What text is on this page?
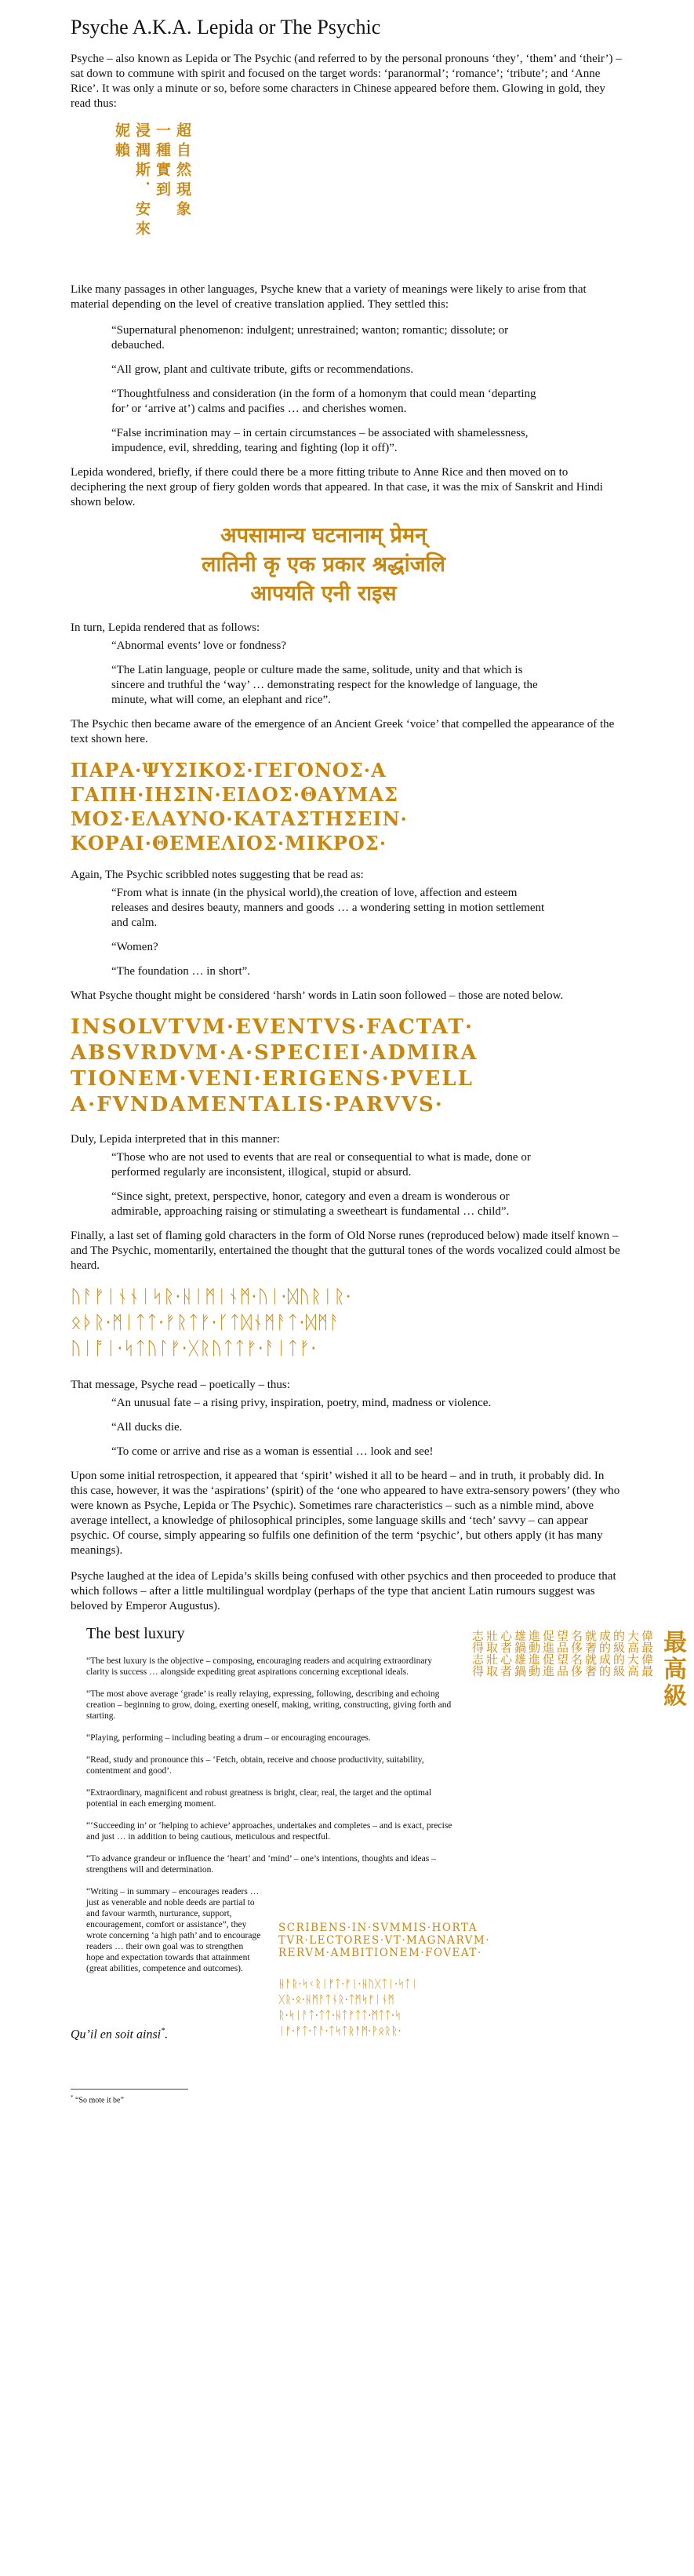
Psyche A.K.A. Lepida or The Psychic

Psyche – also known as Lepida or The Psychic (and referred to by the personal pronouns ‘they’, ‘them’ and ‘their’) – sat down to commune with spirit and focused on the target words: ‘paranormal’; ‘romance’; ‘tribute’; and ‘Anne Rice’. It was only a minute or so, before some characters in Chinese appeared before them. Glowing in gold, they read thus:

超自然現象
一種實到
浸潤斯．安來
妮賴

Like many passages in other languages, Psyche knew that a variety of meanings were likely to arise from that material depending on the level of creative translation applied. They settled this:

“Supernatural phenomenon: indulgent; unrestrained; wanton; romantic; dissolute; or debauched.

“All grow, plant and cultivate tribute, gifts or recommendations.

“Thoughtfulness and consideration (in the form of a homonym that could mean ‘departing for’ or ‘arrive at’) calms and pacifies … and cherishes women.

“False incrimination may – in certain circumstances – be associated with shamelessness, impudence, evil, shredding, tearing and fighting (lop it off)”.

Lepida wondered, briefly, if there could there be a more fitting tribute to Anne Rice and then moved on to deciphering the next group of fiery golden words that appeared. In that case, it was the mix of Sanskrit and Hindi shown below.

अपसामान्य घटनानाम् प्रेमन्
लातिनी कृ एक प्रकार श्रद्धांजलि
आपयति एनी राइस

In turn, Lepida rendered that as follows:

“Abnormal events’ love or fondness?

“The Latin language, people or culture made the same, solitude, unity and that which is sincere and truthful the ‘way’ … demonstrating respect for the knowledge of language, the minute, what will come, an elephant and rice”.

The Psychic then became aware of the emergence of an Ancient Greek ‘voice’ that compelled the appearance of the text shown here.

ΠΑΡΑ·ΨΥΣΙΚΟΣ·ΓΕΓΟΝΟΣ·Α
ΓΑΠΗ·ΙΗΣΙΝ·ΕΙΔΟΣ·ΘΑΥΜΑΣ
ΜΟΣ·ΕΛΑΥΝΟ·ΚΑΤΑΣΤΗΣΕΙΝ·
ΚΟΡΑΙ·ΘΕΜΕΛΙΟΣ·ΜΙΚΡΟΣ·

Again, The Psychic scribbled notes suggesting that be read as:

“From what is innate (in the physical world),the creation of love, affection and esteem releases and desires beauty, manners and goods … a wondering setting in motion settlement and calm.

“Women?

“The foundation … in short”.

What Psyche thought might be considered ‘harsh’ words in Latin soon followed – those are noted below.

INSOLVTVM·EVENTVS·FACTAT·
ABSVRDVM·A·SPECIEI·ADMIRA
TIONEM·VENI·ERIGENS·PVELL
A·FVNDAMENTALIS·PARVVS·

Duly, Lepida interpreted that in this manner:

“Those who are not used to events that are real or consequential to what is made, done or performed regularly are inconsistent, illogical, stupid or absurd.

“Since sight, pretext, perspective, honor, category and even a dream is wonderous or admirable, approaching raising or stimulating a sweetheart is fundamental … child”.

Finally, a last set of flaming gold characters in the form of Old Norse runes (reproduced below) made itself known – and The Psychic, momentarily, entertained the thought that the guttural tones of the words vocalized could almost be heard.

ᚢᚨᚠᛁᚾᚾᛁᛋᚱ·ᚺᛁᛗᛁᚾᛗ·ᚢᛁ·ᛞᚢᚱᛁᚱ·
ᛟᚦᚱ·ᛗᛁᛏᛏ·ᚠᚱᛏᚠ·ᚴᛏᛞᚾᛗᚨᛏ·ᛞᛗᚨ
ᚢᛁᚩᛁ·ᛋᛏᚢᛚᚠ·ᚷᚱᚢᛏᛏᚠ·ᚨᛁᛏᚠ·

That message, Psyche read – poetically – thus:

“An unusual fate – a rising privy, inspiration, poetry, mind, madness or violence.

“All ducks die.

“To come or arrive and rise as a woman is essential … look and see!

Upon some initial retrospection, it appeared that ‘spirit’ wished it all to be heard – and in truth, it probably did. In this case, however, it was the ‘aspirations’ (spirit) of the ‘one who appeared to have extra-sensory powers’ (they who were known as Psyche, Lepida or The Psychic). Sometimes rare characteristics – such as a nimble mind, above average intellect, a knowledge of philosophical principles, some language skills and ‘tech’ savvy – can appear psychic. Of course, simply appearing so fulfils one definition of the term ‘psychic’, but others apply (it has many meanings).

Psyche laughed at the idea of Lepida’s skills being confused with other psychics and then proceeded to produce that which follows – after a little multilingual wordplay (perhaps of the type that ancient Latin rumours suggest was beloved by Emperor Augustus).

The best luxury

“The best luxury is the objective – composing, encouraging readers and acquiring extraordinary clarity is success … alongside expediting great aspirations concerning exceptional ideals.

“The most above average ‘grade’ is really relaying, expressing, following, describing and echoing creation – beginning to grow, doing, exerting oneself, making, writing, constructing, giving forth and starting.

“Playing, performing – including beating a drum – or encouraging encourages.

“Read, study and pronounce this – ‘Fetch, obtain, receive and choose productivity, suitability, contentment and good’.

“Extraordinary, magnificent and robust greatness is bright, clear, real, the target and the optimal potential in each emerging moment.

“‘Succeeding in’ or ‘helping to achieve’ approaches, undertakes and completes – and is exact, precise and just … in addition to being cautious, meticulous and respectful.

“To advance grandeur or influence the ‘heart’ and ‘mind’ – one’s intentions, thoughts and ideas – strengthens will and determination.

“Writing – in summary – encourages readers … just as venerable and noble deeds are partial to and favour warmth, nurturance, support, encouragement, comfort or assistance”, they wrote concerning ‘a high path’ and to encourage readers … their own goal was to strengthen hope and expectation towards that attainment (great abilities, competence and outcomes).

最高級
偉最偉最
大高大高
的級的級
成的成的
就奢就奢
名侈名侈
望品望品
促進促進
進動進動
雄鍋雄鍋
心者心者
壯取壯取
志得志得
SCRIBENS·IN·SVMMIS·HORTA
TVR·LECTORES·VT·MAGNARVM·
RERVM·AMBITIONEM·FOVEAT·
ᚺᚨᚱ·ᛋᚲᚱᛁᚠᛏ·ᚠᛁ·ᚺᚢᚷᛏᛁ·ᛋᛏᛁ
ᚷᚱ·ᛟ·ᚺᛗᚨᛏᚾᚱ·ᛏᛗᛋᚠᛁᚾᛗ
ᚱ·ᛋᛁᚨᛏ·ᛏᛏ·ᚺᛏᚠᛏᛏ·ᛗᛏᛏ·ᛋ
ᛁᚠ·ᚠᛏ·ᛏᚨ·ᛏᛋᛏᚱᚨᛗ·ᚹᛟᚱᚱ·
Qu’il en soit ainsi*.
* “So mote it be”
